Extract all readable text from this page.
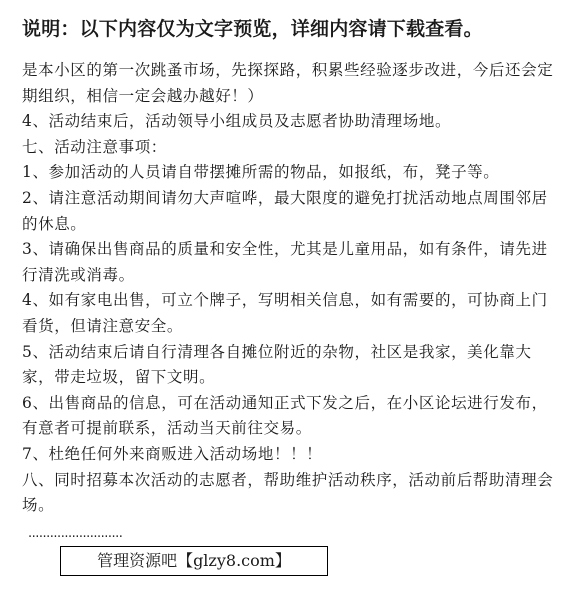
说明：以下内容仅为文字预览，详细内容请下载查看。

是本小区的第一次跳蚤市场，先探探路，积累些经验逐步改进，今后还会定期组织，相信一定会越办越好！）

4、活动结束后，活动领导小组成员及志愿者协助清理场地。

七、活动注意事项：

1、参加活动的人员请自带摆摊所需的物品，如报纸，布，凳子等。

2、请注意活动期间请勿大声喧哗，最大限度的避免打扰活动地点周围邻居的休息。

3、请确保出售商品的质量和安全性，尤其是儿童用品，如有条件，请先进行清洗或消毒。

4、如有家电出售，可立个牌子，写明相关信息，如有需要的，可协商上门看货，但请注意安全。

5、活动结束后请自行清理各自摊位附近的杂物，社区是我家，美化靠大家，带走垃圾，留下文明。

6、出售商品的信息，可在活动通知正式下发之后，在小区论坛进行发布，有意者可提前联系，活动当天前往交易。

7、杜绝任何外来商贩进入活动场地！！！

八、同时招募本次活动的志愿者，帮助维护活动秩序，活动前后帮助清理会场。

..........................
管理资源吧【glzy8.com】
